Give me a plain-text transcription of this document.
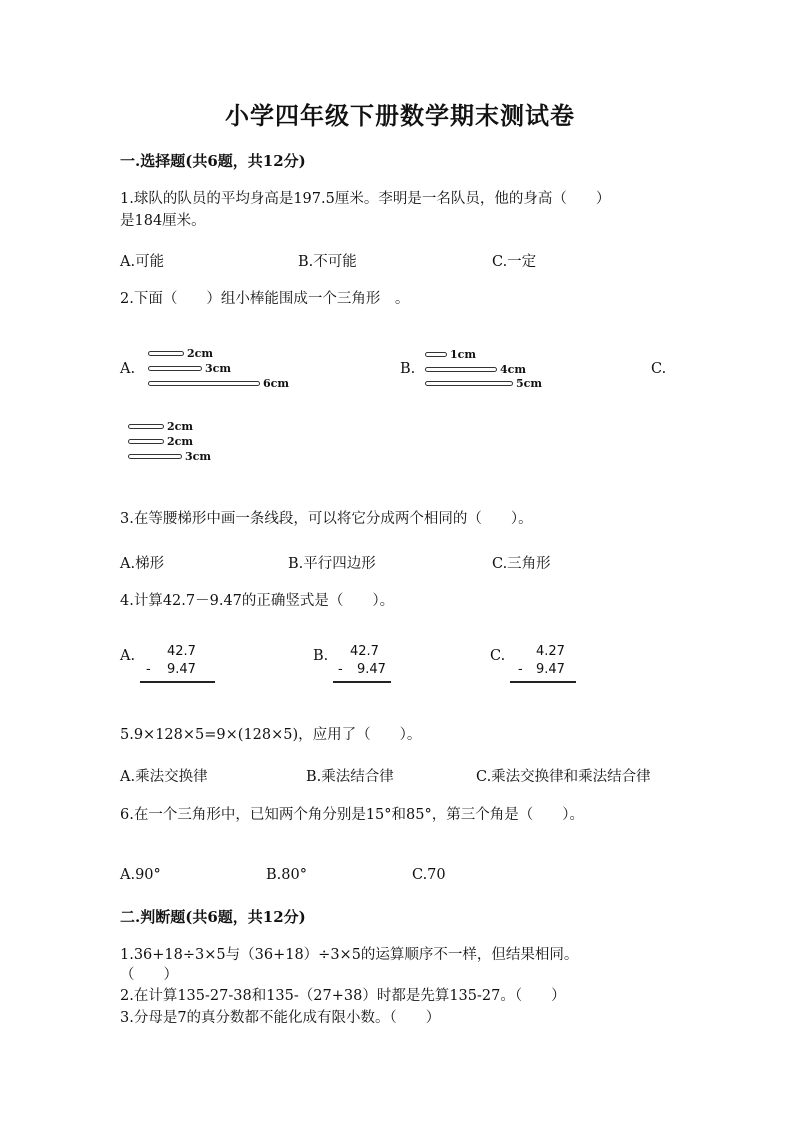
小学四年级下册数学期末测试卷
一.选择题(共6题，共12分)
1.球队的队员的平均身高是197.5厘米。李明是一名队员，他的身高（　　）
是184厘米。
A.可能	B.不可能	C.一定
2.下面（　　）组小棒能围成一个三角形　。
A.
2cm
3cm
6cm
B.
1cm
4cm
5cm
C.
2cm
2cm
3cm
3.在等腰梯形中画一条线段，可以将它分成两个相同的（　　）。
A.梯形	B.平行四边形	C.三角形
4.计算42.7－9.47的正确竖式是（　　）。
A. 42.7
- 9.47
B. 42.7
- 9.47
C. 4.27
- 9.47
5.9×128×5=9×(128×5)，应用了（　　）。
A.乘法交换律	B.乘法结合律	C.乘法交换律和乘法结合律
6.在一个三角形中，已知两个角分别是15°和85°，第三个角是（　　）。
A.90°	B.80°	C.70
二.判断题(共6题，共12分)
1.36+18÷3×5与（36+18）÷3×5的运算顺序不一样，但结果相同。
（　　）
2.在计算135-27-38和135-（27+38）时都是先算135-27。（　　）
3.分母是7的真分数都不能化成有限小数。（　　）
